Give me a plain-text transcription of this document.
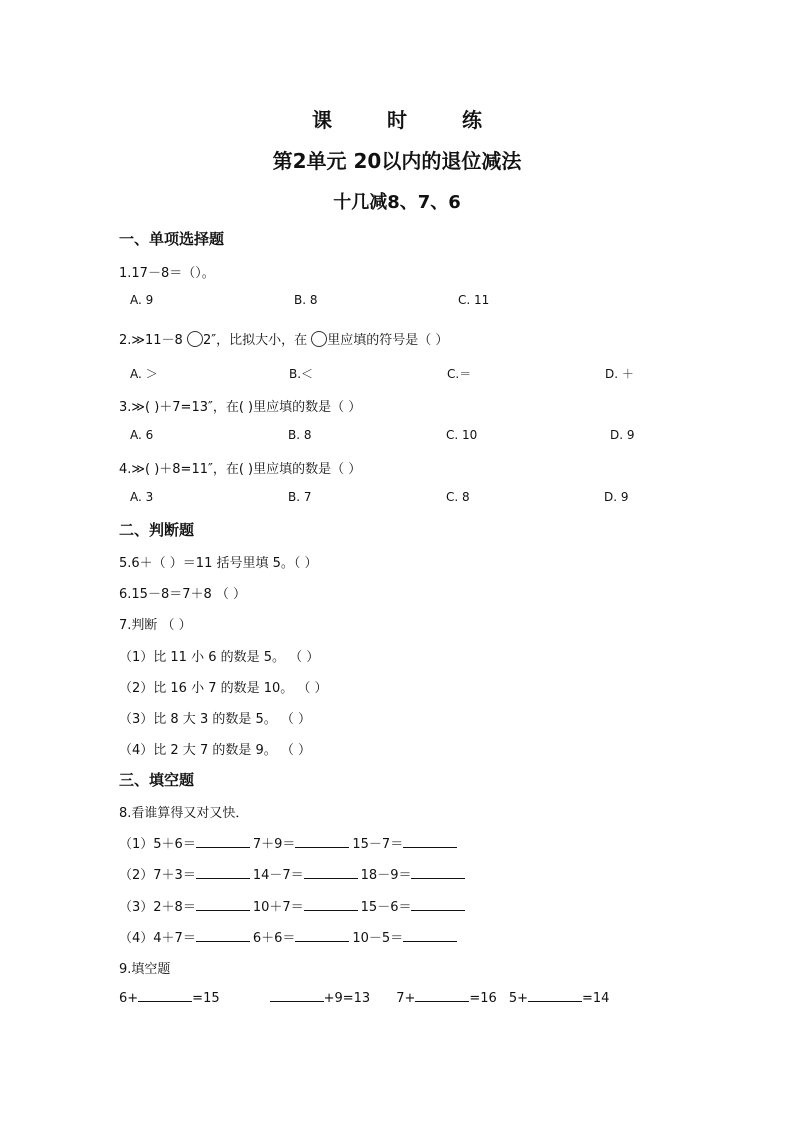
课 时 练
第2单元 20以内的退位减法
十几减8、7、6
一、单项选择题
1.17－8＝（）。
A. 9	B. 8	C. 11
2.≫11－8 2″，比拟大小，在 里应填的符号是（ ）
A. ＞	B.＜	C.＝	D. ＋
3.≫( )＋7=13″，在( )里应填的数是（ ）
A. 6	B. 8	C. 10	D. 9
4.≫( )＋8=11″，在( )里应填的数是（ ）
A. 3	B. 7	C. 8	D. 9
二、判断题
5.6＋（ ）＝11 括号里填 5。（ ）
6.15－8＝7＋8 （ ）
7.判断 （ ）
（1）比 11 小 6 的数是 5。 （ ）
（2）比 16 小 7 的数是 10。 （ ）
（3）比 8 大 3 的数是 5。 （ ）
（4）比 2 大 7 的数是 9。 （ ）
三、填空题
8.看谁算得又对又快．
（1）5＋6＝	7＋9＝	15－7＝
（2）7＋3＝	14－7＝	18－9＝
（3）2＋8＝	10＋7＝	15－6＝
（4）4＋7＝	6＋6＝	10－5＝
9.填空题
6+	=15	+9=13 7+	=16 5+	=14
